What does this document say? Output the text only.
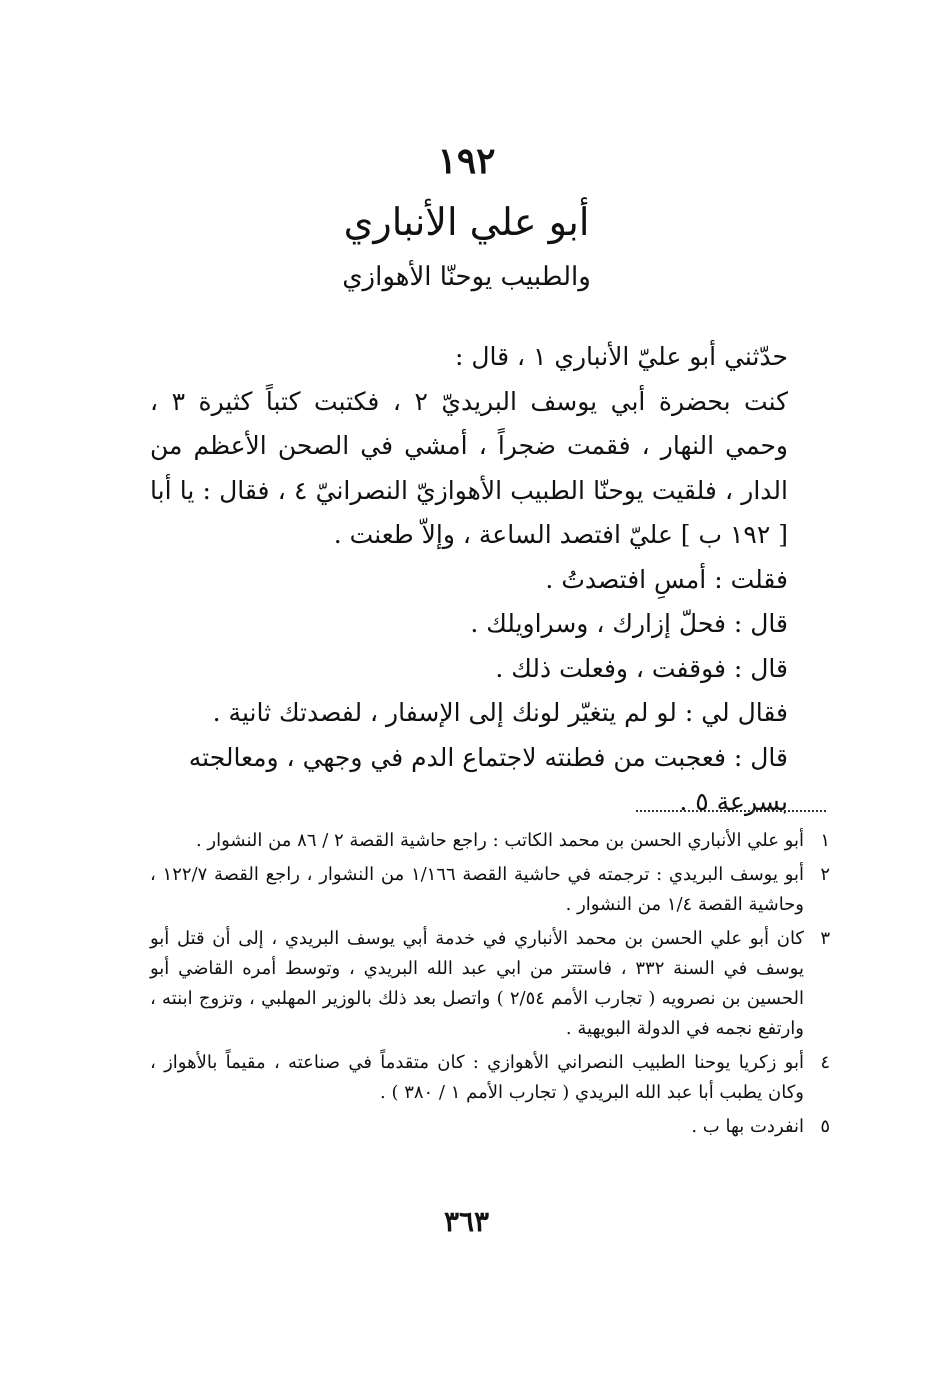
١٩٢
أبو علي الأنباري
والطبيب يوحنّا الأهوازي

حدّثني أبو عليّ الأنباري ١ ، قال :

كنت بحضرة أبي يوسف البريديّ ٢ ، فكتبت كتباً كثيرة ٣ ، وحمي النهار ، فقمت ضجراً ، أمشي في الصحن الأعظم من الدار ، فلقيت يوحنّا الطبيب الأهوازيّ النصرانيّ ٤ ، فقال : يا أبا [ ١٩٢ ب ] عليّ افتصد الساعة ، وإلاّ طعنت .

فقلت : أمسِ افتصدتُ .

قال : فحلّ إزارك ، وسراويلك .

قال : فوقفت ، وفعلت ذلك .

فقال لي : لو لم يتغيّر لونك إلى الإسفار ، لفصدتك ثانية .

قال : فعجبت من فطنته لاجتماع الدم في وجهي ، ومعالجته بسرعة ٥ .

١
أبو علي الأنباري الحسن بن محمد الكاتب : راجع حاشية القصة ٢ / ٨٦ من النشوار .
٢
أبو يوسف البريدي : ترجمته في حاشية القصة ١/١٦٦ من النشوار ، راجع القصة ١٢٢/٧ ، وحاشية القصة ١/٤ من النشوار .
٣
كان أبو علي الحسن بن محمد الأنباري في خدمة أبي يوسف البريدي ، إلى أن قتل أبو يوسف في السنة ٣٣٢ ، فاستتر من ابي عبد الله البريدي ، وتوسط أمره القاضي أبو الحسين بن نصرويه ( تجارب الأمم ٢/٥٤ ) واتصل بعد ذلك بالوزير المهلبي ، وتزوج ابنته ، وارتفع نجمه في الدولة البويهية .
٤
أبو زكريا يوحنا الطبيب النصراني الأهوازي : كان متقدماً في صناعته ، مقيماً بالأهواز ، وكان يطبب أبا عبد الله البريدي ( تجارب الأمم ١ / ٣٨٠ ) .
٥
انفردت بها ب .
٣٦٣
